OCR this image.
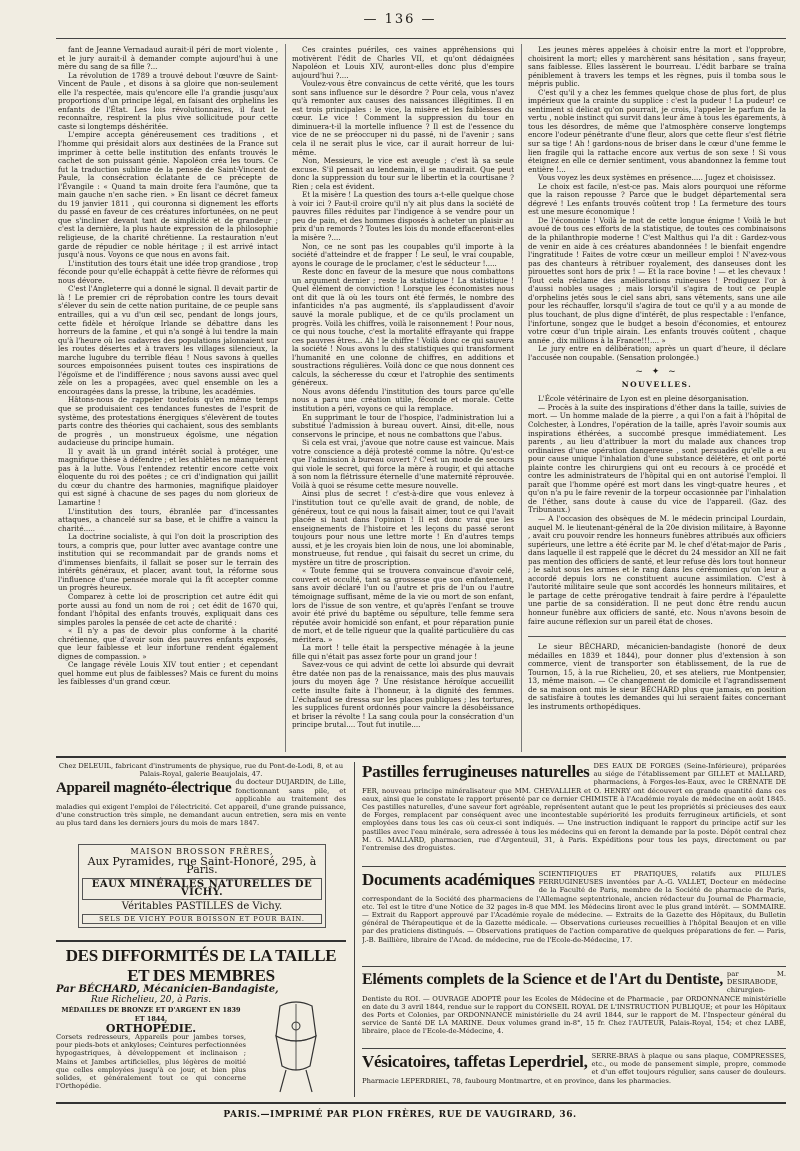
— 136 —

fant de Jeanne Vernadaud aurait-il péri de mort violente , et le jury aurait-il à demander compte aujourd'hui à une mère du sang de sa fille ?...

La révolution de 1789 a trouvé debout l'œuvre de Saint-Vincent de Paule , et disons à sa gloire que non-seulement elle l'a respectée, mais qu'encore elle l'a grandie jusqu'aux proportions d'un principe légal, en faisant des orphelins les enfants de l'État. Les lois révolutionnaires, il faut le reconnaître, respirent la plus vive sollicitude pour cette caste si longtemps déshéritée.

L'empire accepta généreusement ces traditions , et l'homme qui présidait alors aux destinées de la France sut imprimer à cette belle institution des enfants trouvés le cachet de son puissant génie. Napoléon créa les tours. Ce fut la traduction sublime de la pensée de Saint-Vincent de Paule, la consécration éclatante de ce précepte de l'Évangile : « Quand ta main droite fera l'aumône, que ta main gauche n'en sache rien. » En lisant ce décret fameux du 19 janvier 1811 , qui couronna si dignement les efforts du passé en faveur de ces créatures infortunées, on ne peut que s'incliner devant tant de simplicité et de grandeur ; c'est la dernière, la plus haute expression de la philosophie religieuse, de la charité chrétienne. La restauration n'eut garde de répudier ce noble héritage ; il est arrivé intact jusqu'à nous. Voyons ce que nous en avons fait.

L'institution des tours était une idée trop grandiose , trop féconde pour qu'elle échappât à cette fièvre de réformes qui nous dévore.

C'est l'Angleterre qui a donné le signal. Il devait partir de là ! Le premier cri de réprobation contre les tours devait s'élever du sein de cette nation puritaine, de ce peuple sans entrailles, qui a vu d'un œil sec, pendant de longs jours, cette fidèle et héroïque Irlande se débattre dans les horreurs de la famine , et qui n'a songé à lui tendre la main qu'à l'heure où les cadavres des populations jalonnaient sur les routes désertes et à travers les villages silencieux, la marche lugubre du terrible fléau ! Nous savons à quelles sources empoisonnées puisent toutes ces inspirations de l'égoïsme et de l'indifférence ; nous savons aussi avec quel zèle on les a propagées, avec quel ensemble on les a encouragées dans la presse, la tribune, les académies.

Hâtons-nous de rappeler toutefois qu'en même temps que se produisaient ces tendances funestes de l'esprit de système, des protestations énergiques s'élevèrent de toutes parts contre des théories qui cachaient, sous des semblants de progrès , un monstrueux égoïsme, une négation audacieuse du principe humain.

Il y avait là un grand intérêt social à protéger, une magnifique thèse à défendre ; et les athlètes ne manquèrent pas à la lutte. Vous l'entendez retentir encore cette voix éloquente du roi des poëtes ; ce cri d'indignation qui jaillit du cœur du chantre des harmonies, magnifique plaidoyer qui est signé à chacune de ses pages du nom glorieux de Lamartine !

L'institution des tours, ébranlée par d'incessantes attaques, a chancelé sur sa base, et le chiffre a vaincu la charité.....

La doctrine socialiste, à qui l'on doit la proscription des tours, a compris que, pour lutter avec avantage contre une institution qui se recommandait par de grands noms et d'immenses bienfaits, il fallait se poser sur le terrain des intérêts généraux, et placer, avant tout, la réforme sous l'influence d'une pensée morale qui la fît accepter comme un progrès heureux.

Comparez à cette loi de proscription cet autre édit qui porte aussi au fond un nom de roi ; cet édit de 1670 qui, fondant l'hôpital des enfants trouvés, expliquait dans ces simples paroles la pensée de cet acte de charité :

« Il n'y a pas de devoir plus conforme à la charité chrétienne, que d'avoir soin des pauvres enfants exposés, que leur faiblesse et leur infortune rendent également dignes de compassion. »

Ce langage révèle Louis XIV tout entier ; et cependant quel homme eut plus de faiblesses? Mais ce furent du moins les faiblesses d'un grand cœur.

Ces craintes puériles, ces vaines appréhensions qui motivèrent l'édit de Charles VII, et qu'ont dédaignées Napoléon et Louis XIV, auront-elles donc plus d'empire aujourd'hui ?....

Voulez-vous être convaincus de cette vérité, que les tours sont sans influence sur le désordre ? Pour cela, vous n'avez qu'à remonter aux causes des naissances illégitimes. Il en est trois principales : le vice, la misère et les faiblesses du cœur. Le vice ! Comment la suppression du tour en diminuera-t-il la mortelle influence ? Il est de l'essence du vice de ne se préoccuper ni du passé, ni de l'avenir ; sans cela il ne serait plus le vice, car il aurait horreur de lui-même.

Non, Messieurs, le vice est aveugle ; c'est là sa seule excuse. S'il pensait au lendemain, il se maudirait. Que peut donc la suppression du tour sur le libertin et la courtisane ? Rien ; cela est évident.

Et la misère ! La question des tours a-t-elle quelque chose à voir ici ? Faut-il croire qu'il n'y ait plus dans la société de pauvres filles réduites par l'indigence à se vendre pour un peu de pain, et des hommes disposés à acheter un plaisir au prix d'un remords ? Toutes les lois du monde effaceront-elles la misère ?....

Non, ce ne sont pas les coupables qu'il importe à la société d'atteindre et de frapper ! Le seul, le vrai coupable, ayons le courage de le proclamer, c'est le séducteur !.....

Reste donc en faveur de la mesure que nous combattons un argument dernier ; reste la statistique ! La statistique ! Quel élément de conviction ! Lorsque les économistes nous ont dit que là où les tours ont été fermés, le nombre des infanticides n'a pas augmenté, ils s'applaudissent d'avoir sauvé la morale publique, et de ce qu'ils proclament un progrès. Voilà les chiffres, voilà le raisonnement ! Pour nous, ce qui nous touche, c'est la mortalité effrayante qui frappe ces pauvres êtres... Ah ! le chiffre ! Voilà donc ce qui sauvera la société ! Nous avons lu des statistiques qui transforment l'humanité en une colonne de chiffres, en additions et soustractions régulières. Voilà donc ce que nous donnent ces calculs, la sécheresse du cœur et l'atrophie des sentiments généreux.

Nous avons défendu l'institution des tours parce qu'elle nous a paru une création utile, féconde et morale. Cette institution a péri, voyons ce qui la remplace.

En supprimant le tour de l'hospice, l'administration lui a substitué l'admission à bureau ouvert. Ainsi, dit-elle, nous conservons le principe, et nous ne combattons que l'abus.

Si cela est vrai, j'avoue que notre cause est vaincue. Mais votre conscience a déjà protesté comme la nôtre. Qu'est-ce que l'admission à bureau ouvert ? C'est un mode de secours qui viole le secret, qui force la mère à rougir, et qui attache à son nom la flétrissure éternelle d'une maternité réprouvée. Voilà à quoi se résume cette mesure nouvelle.

Ainsi plus de secret ! c'est-à-dire que vous enlevez à l'institution tout ce qu'elle avait de grand, de noble, de généreux, tout ce qui nous la faisait aimer, tout ce qui l'avait placée si haut dans l'opinion ! Il est donc vrai que les enseignements de l'histoire et les leçons du passé seront toujours pour nous une lettre morte ! En d'autres temps aussi, et je les croyais bien loin de nous, une loi abominable, monstrueuse, fut rendue , qui faisait du secret un crime, du mystère un titre de proscription.

« Toute femme qui se trouvera convaincue d'avoir celé, couvert et occulté, tant sa grossesse que son enfantement, sans avoir déclaré l'un ou l'autre et pris de l'un ou l'autre témoignage suffisant, même de la vie ou mort de son enfant, lors de l'issue de son ventre, et qu'après l'enfant se trouve avoir été privé du baptême ou sépulture, telle femme sera réputée avoir homicidé son enfant, et pour réparation punie de mort, et de telle rigueur que la qualité particulière du cas méritera. »

La mort ! telle était la perspective ménagée à la jeune fille qui n'était pas assez forte pour un grand jour !

Savez-vous ce qui advint de cette loi absurde qui devrait être datée non pas de la renaissance, mais des plus mauvais jours du moyen âge ? Une résistance héroïque accueillit cette insulte faite à l'honneur, à la dignité des femmes. L'échafaud se dressa sur les places publiques ; les tortures, les supplices furent ordonnés pour vaincre la désobéissance et briser la révolte ! La sang coula pour la consécration d'un principe brutal.... Tout fut inutile....

Les jeunes mères appelées à choisir entre la mort et l'opprobre, choisirent la mort; elles y marchèrent sans hésitation , sans frayeur, sans faiblesse. Elles lassèrent le bourreau. L'édit barbare se traîna péniblement à travers les temps et les règnes, puis il tomba sous le mépris public.

C'est qu'il y a chez les femmes quelque chose de plus fort, de plus impérieux que la crainte du supplice : c'est la pudeur ! La pudeur! ce sentiment si délicat qu'on pourrait, je crois, l'appeler le parfum de la vertu , noble instinct qui survit dans leur âme à tous les égarements, à tous les désordres, de même que l'atmosphère conserve longtemps encore l'odeur pénétrante d'une fleur, alors que cette fleur s'est flétrie sur sa tige ! Ah ! gardons-nous de briser dans le cœur d'une femme le lien fragile qui la rattache encore aux vertus de son sexe ! Si vous éteignez en elle ce dernier sentiment, vous abandonnez la femme tout entière !...

Vous voyez les deux systèmes en présence..... Jugez et choisissez.

Le choix est facile, n'est-ce pas. Mais alors pourquoi une réforme que la raison repousse ? Parce que le budget départemental sera dégrevé ! Les enfants trouvés coûtent trop ! La fermeture des tours est une mesure économique !

De l'économie ! Voilà le mot de cette longue énigme ! Voilà le but avoué de tous ces efforts de la statistique, de toutes ces combinaisons de la philanthropie moderne ! C'est Malthus qui l'a dit : Gardez-vous de venir en aide à ces créatures abandonnées ! le bienfait engendre l'ingratitude ! Faites de votre cœur un meilleur emploi ! N'avez-vous pas des chanteurs à rétribuer royalement, des danseuses dont les pirouettes sont hors de prix ! — Et la race bovine ! — et les chevaux ! Tout cela réclame des améliorations ruineuses ! Prodiguez l'or à d'aussi nobles usages ; mais lorsqu'il s'agira de tout ce peuple d'orphelins jetés sous le ciel sans abri, sans vêtements, sans une aile pour les réchauffer, lorsqu'il s'agira de tout ce qu'il y a au monde de plus touchant, de plus digne d'intérêt, de plus respectable : l'enfance, l'infortune, songez que le budget a besoin d'économies, et entourez votre cœur d'un triple airain. Les enfants trouvés coûtent , chaque année , dix millions à la France!!!.... »

Le jury entre en délibération; après un quart d'heure, il déclare l'accusée non coupable. (Sensation prolongée.)

~ ✦ ~
NOUVELLES.

L'École vétérinaire de Lyon est en pleine désorganisation.

— Procès à la suite des inspirations d'éther dans la taille, suivies de mort. — Un homme malade de la pierre , a qui l'on a fait à l'hôpital de Colchester, à Londres, l'opération de la taille, après l'avoir soumis aux inspirations éthérées, a succombé presque immédiatement. Les parents , au lieu d'attribuer la mort du malade aux chances trop ordinaires d'une opération dangereuse , sont persuadés qu'elle a eu pour cause unique l'inhalation d'une substance délétère, et ont porté plainte contre les chirurgiens qui ont eu recours à ce procédé et contre les administrateurs de l'hôpital qui en ont autorisé l'emploi. Il paraît que l'homme opéré est mort dans les vingt-quatre heures , et qu'on n'a pu le faire revenir de la torpeur occasionnée par l'inhalation de l'éther, sans doute à cause du vice de l'appareil. (Gaz. des Tribunaux.)

— A l'occasion des obsèques de M. le médecin principal Lourdain, auquel M. le lieutenant-général de la 20e division militaire, à Bayonne , avait cru pouvoir rendre les honneurs funèbres attribués aux officiers supérieurs, une lettre a été écrite par M. le chef d'état-major de Paris , dans laquelle il est rappelé que le décret du 24 messidor an XII ne fait pas mention des officiers de santé, et leur refuse dès lors tout honneur ; le salut sous les armes et le rang dans les cérémonies qu'on leur a accordé depuis lors ne constituent aucune assimilation. C'est à l'autorité militaire seule que sont accordés les honneurs militaires, et le partage de cette prérogative tendrait à faire perdre à l'épaulette une partie de sa considération. Il ne peut donc être rendu aucun honneur funèbre aux officiers de santé, etc. Nous n'avons besoin de faire aucune réflexion sur un pareil état de choses.

Le sieur BÉCHARD, mécanicien-bandagiste (honoré de deux médailles en 1839 et 1844), pour donner plus d'extension à son commerce, vient de transporter son établissement, de la rue de Tournon, 15, à la rue Richelieu, 20, et ses ateliers, rue Montpensier, 13, même maison. — Ce changement de domicile et l'agrandissement de sa maison ont mis le sieur BÉCHARD plus que jamais, en position de satisfaire à toutes les demandes qui lui seraient faites concernant les instruments orthopédiques.

Chez DELEUIL, fabricant d'instruments de physique, rue du Pont-de-Lodi, 8, et au Palais-Royal, galerie Beaujolais, 47.
Appareil magnéto-électrique du docteur DUJARDIN, de Lille, fonctionnant sans pile, et applicable au traitement des maladies qui exigent l'emploi de l'électricité. Cet appareil, d'une grande puissance, d'une construction très simple, ne demandant aucun entretien, sera mis en vente au plus tard dans les derniers jours du mois de mars 1847.
MAISON BROSSON FRÈRES,
Aux Pyramides, rue Saint-Honoré, 295, à Paris.
EAUX MINÉRALES NATURELLES DE VICHY.
Véritables PASTILLES de Vichy.
SELS DE VICHY POUR BOISSON ET POUR BAIN.
DES DIFFORMITÉS DE LA TAILLE ET DES MEMBRES
Par BÉCHARD, Mécanicien-Bandagiste,
Rue Richelieu, 20, à Paris.
MÉDAILLES DE BRONZE ET D'ARGENT EN 1839 ET 1844.
ORTHOPÉDIE.
Corsets redresseurs, Appareils pour jambes torses, pour pieds-bots et ankyloses; Ceintures perfectionnées hypogastriques, à développement et inclinaison ; Mains et Jambes artificielles, plus légères de moitié que celles employées jusqu'à ce jour, et bien plus solides, et généralement tout ce qui concerne l'Orthopédie.
Pastilles ferrugineuses naturelles DES EAUX DE FORGES (Seine-Inférieure), préparées au siége de l'établissement par GILLET et MALLARD, pharmaciens, à Forges-les-Eaux, avec le CRÉNATE DE FER, nouveau principe minéralisateur que MM. CHEVALLIER et O. HENRY ont découvert en grande quantité dans ces eaux, ainsi que le constate le rapport présenté par ce dernier CHIMISTE à l'Académie royale de médecine en août 1845. Ces pastilles naturelles, d'une saveur fort agréable, représentent autant que le peut les propriétés si précieuses des eaux de Forges, remplacent par conséquent avec une incontestable supériorité les produits ferrugineux artificiels, et sont employées dans tous les cas où ceux-ci sont indiqués. — Une instruction indiquant le rapport du principe actif sur les pastilles avec l'eau minérale, sera adressée à tous les médecins qui en feront la demande par la poste. Dépôt central chez M. G. MALLARD, pharmacien, rue d'Argenteuil, 31, à Paris. Expéditions pour tous les pays, directement ou par l'entremise des droguistes.
Documents académiques SCIENTIFIQUES ET PRATIQUES, relatifs aux PILULES FERRUGINEUSES inventées par A.-G. VALLET, Docteur en médecine de la Faculté de Paris, membre de la Société de pharmacie de Paris, correspondant de la Société des pharmaciens de l'Allemagne septentrionale, ancien rédacteur du Journal de Pharmacie, etc. Tel est le titre d'une Notice de 32 pages in-8 que MM. les Médecins liront avec le plus grand intérêt. — SOMMAIRE. — Extrait du Rapport approuvé par l'Académie royale de médecine. — Extraits de la Gazette des Hôpitaux, du Bulletin général de Thérapeutique et de la Gazette médicale. — Observations curieuses recueillies à l'hôpital Beaujon et en ville par des praticiens distingués. — Observations pratiques de l'action comparative de quelques préparations de fer. — Paris, J.-B. Baillière, libraire de l'Acad. de médecine, rue de l'Ecole-de-Médecine, 17.
Eléments complets de la Science et de l'Art du Dentiste, par M. DESIRABODE, chirurgien-Dentiste du ROI. — OUVRAGE ADOPTÉ pour les Ecoles de Médecine et de Pharmacie , par ORDONNANCE ministérielle en date du 3 avril 1844, rendue sur le rapport du CONSEIL ROYAL DE L'INSTRUCTION PUBLIQUE; et pour les Hôpitaux des Ports et Colonies, par ORDONNANCE ministérielle du 24 avril 1844, sur le rapport de M. l'Inspecteur général du service de Santé DE LA MARINE. Deux volumes grand in-8°, 15 fr. Chez l'AUTEUR, Palais-Royal, 154; et chez LABÉ, libraire, place de l'Ecole-de-Médecine, 4.
Vésicatoires, taffetas Leperdriel, SERRE-BRAS à plaque ou sans plaque, COMPRESSES, etc., ou mode de pansement simple, propre, commode et d'un effet toujours régulier, sans causer de douleurs. Pharmacie LEPERDRIEL, 78, faubourg Montmartre, et en province, dans les pharmacies.
PARIS.—IMPRIMÉ PAR PLON FRÈRES, RUE DE VAUGIRARD, 36.
